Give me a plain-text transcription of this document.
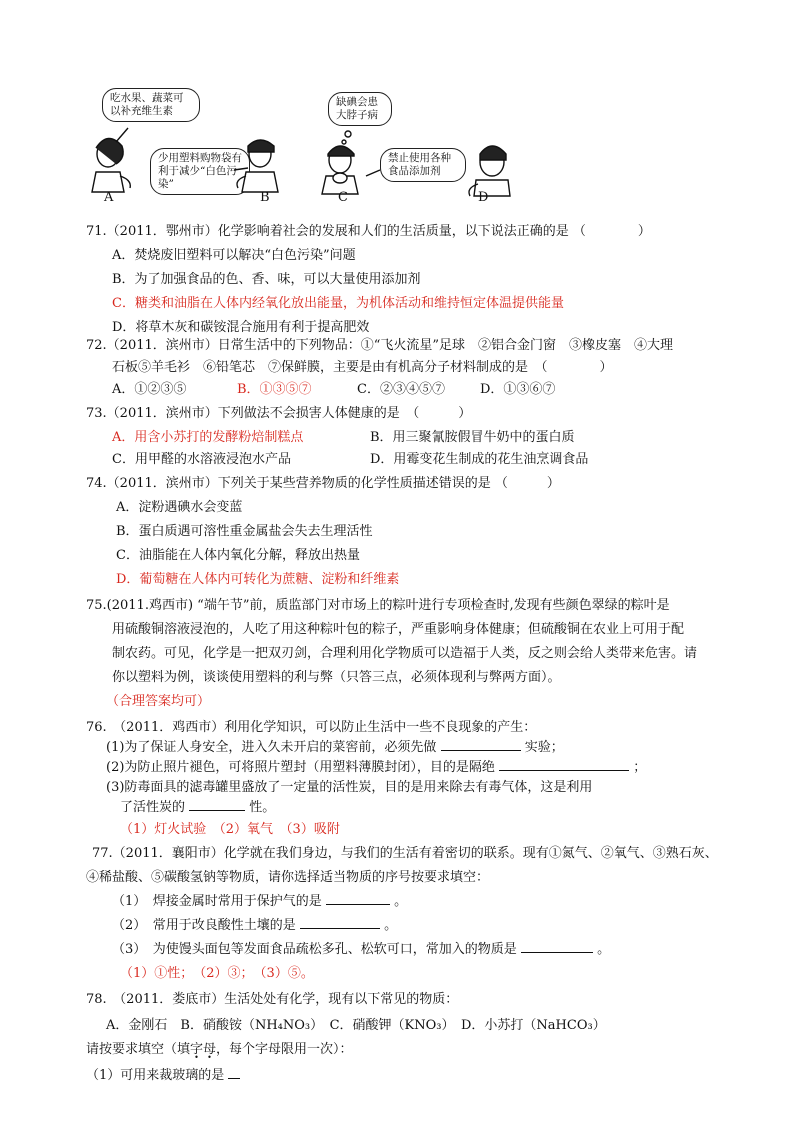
吃水果、蔬菜可以补充维生素
少用塑料购物袋有利于减少“白色污染”
缺碘会患大脖子病
禁止使用各种食品添加剂
A	B	C	D
71.（2011．鄂州市）化学影响着社会的发展和人们的生活质量，以下说法正确的是 （　　　　）
A．焚烧废旧塑料可以解决“白色污染”问题
B．为了加强食品的色、香、味，可以大量使用添加剂
C．糖类和油脂在人体内经氧化放出能量，为机体活动和维持恒定体温提供能量
D．将草木灰和碳铵混合施用有利于提高肥效
72.（2011．滨州市）日常生活中的下列物品：①“飞火流星”足球　②铝合金门窗　③橡皮塞　④大理
石板⑤羊毛衫　⑥铅笔芯　⑦保鲜膜，主要是由有机高分子材料制成的是　（　　　　）
A．①②③⑤	B．①③⑤⑦	C．②③④⑤⑦	D．①③⑥⑦
73.（2011．滨州市）下列做法不会损害人体健康的是　（　　　）
A．用含小苏打的发酵粉焙制糕点	B．用三聚氰胺假冒牛奶中的蛋白质
C．用甲醛的水溶液浸泡水产品	D．用霉变花生制成的花生油烹调食品
74.（2011．滨州市）下列关于某些营养物质的化学性质描述错误的是 （　　　）
A．淀粉遇碘水会变蓝
B．蛋白质遇可溶性重金属盐会失去生理活性
C．油脂能在人体内氧化分解，释放出热量
D．葡萄糖在人体内可转化为蔗糖、淀粉和纤维素
75.(2011.鸡西市) “端午节”前，质监部门对市场上的粽叶进行专项检查时,发现有些颜色翠绿的粽叶是
用硫酸铜溶液浸泡的，人吃了用这种粽叶包的粽子，严重影响身体健康；但硫酸铜在农业上可用于配
制农药。可见，化学是一把双刃剑，合理利用化学物质可以造福于人类，反之则会给人类带来危害。请
你以塑料为例，谈谈使用塑料的利与弊（只答三点，必须体现利与弊两方面）。
（合理答案均可）
76.　（2011．鸡西市）利用化学知识，可以防止生活中一些不良现象的产生：
(1)为了保证人身安全，进入久未开启的菜窖前，必须先做	实验；
(2)为防止照片褪色，可将照片塑封（用塑料薄膜封闭），目的是隔绝	；
(3)防毒面具的滤毒罐里盛放了一定量的活性炭，目的是用来除去有毒气体，这是利用
了活性炭的	性。
（1）灯火试验　（2）氧气　（3）吸附
77.（2011．襄阳市）化学就在我们身边，与我们的生活有着密切的联系。现有①氮气、②氧气、③熟石灰、
④稀盐酸、⑤碳酸氢钠等物质，请你选择适当物质的序号按要求填空：
（1）　焊接金属时常用于保护气的是	。
（2）　常用于改良酸性土壤的是	。
（3）　为使馒头面包等发面食品疏松多孔、松软可口，常加入的物质是	。
（1）①性；　（2）③；　（3）⑤。
78.　（2011．娄底市）生活处处有化学，现有以下常见的物质：
A．金刚石　B．硝酸铵（NH₄NO₃）　C．硝酸钾（KNO₃）　D．小苏打（NaHCO₃）
请按要求填空（填字母，每个字母限用一次）：
（1）可用来裁玻璃的是
